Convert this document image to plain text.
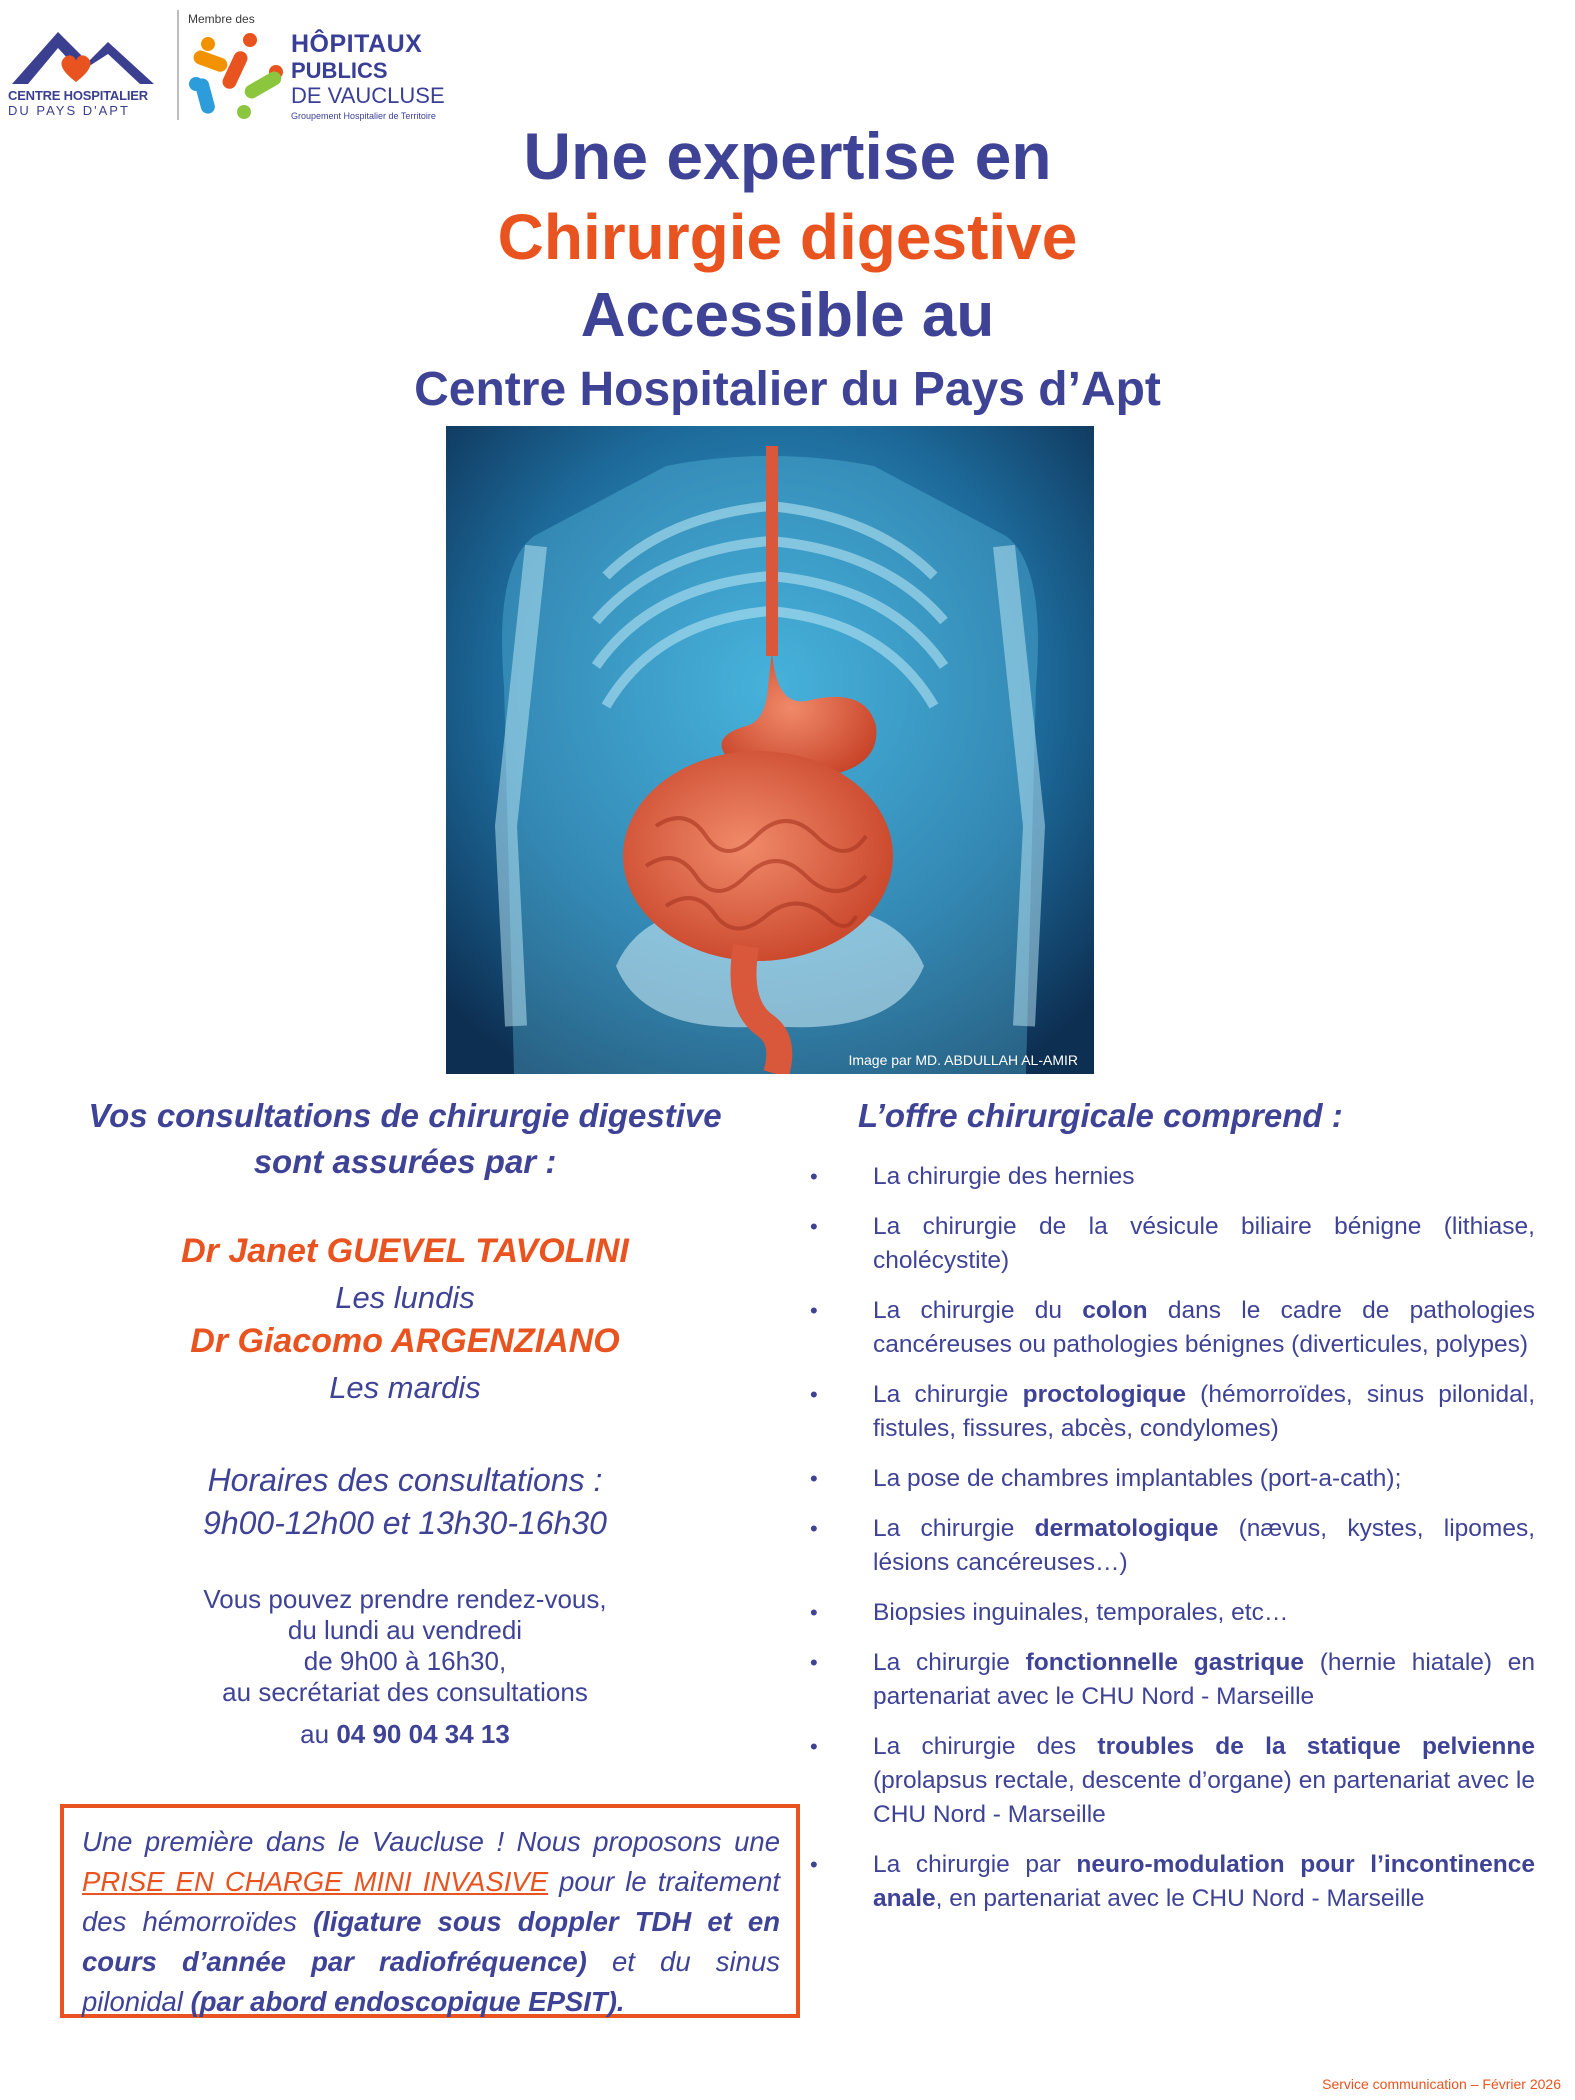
CENTRE HOSPITALIER
DU PAYS D'APT
Membre des
HÔPITAUX
PUBLICS
DE VAUCLUSE
Groupement Hospitalier de Territoire
Une expertise en
Chirurgie digestive
Accessible au
Centre Hospitalier du Pays d’Apt
Image par MD. ABDULLAH AL-AMIR
Vos consultations de chirurgie digestive
sont assurées par :
Dr Janet GUEVEL TAVOLINI
Les lundis
Dr Giacomo ARGENZIANO
Les mardis
Horaires des consultations :
9h00-12h00 et 13h30-16h30
Vous pouvez prendre rendez-vous,
du lundi au vendredi
de 9h00 à 16h30,
au secrétariat des consultations
au 04 90 04 34 13
Une première dans le Vaucluse ! Nous proposons une PRISE EN CHARGE MINI INVASIVE pour le traitement des hémorroïdes (ligature sous doppler TDH et en cours d’année par radiofréquence) et du sinus pilonidal (par abord endoscopique EPSIT).
L’offre chirurgicale comprend :
• La chirurgie des hernies
• La chirurgie de la vésicule biliaire bénigne (lithiase, cholécystite)
• La chirurgie du colon dans le cadre de pathologies cancéreuses ou pathologies bénignes (diverticules, polypes)
• La chirurgie proctologique (hémorroïdes, sinus pilonidal, fistules, fissures, abcès, condylomes)
• La pose de chambres implantables (port-a-cath);
• La chirurgie dermatologique (nævus, kystes, lipomes, lésions cancéreuses…)
• Biopsies inguinales, temporales, etc…
• La chirurgie fonctionnelle gastrique (hernie hiatale) en partenariat avec le CHU Nord - Marseille
• La chirurgie des troubles de la statique pelvienne (prolapsus rectale, descente d’organe) en partenariat avec le CHU Nord - Marseille
• La chirurgie par neuro-modulation pour l’incontinence anale, en partenariat avec le CHU Nord - Marseille
Service communication – Février 2026
